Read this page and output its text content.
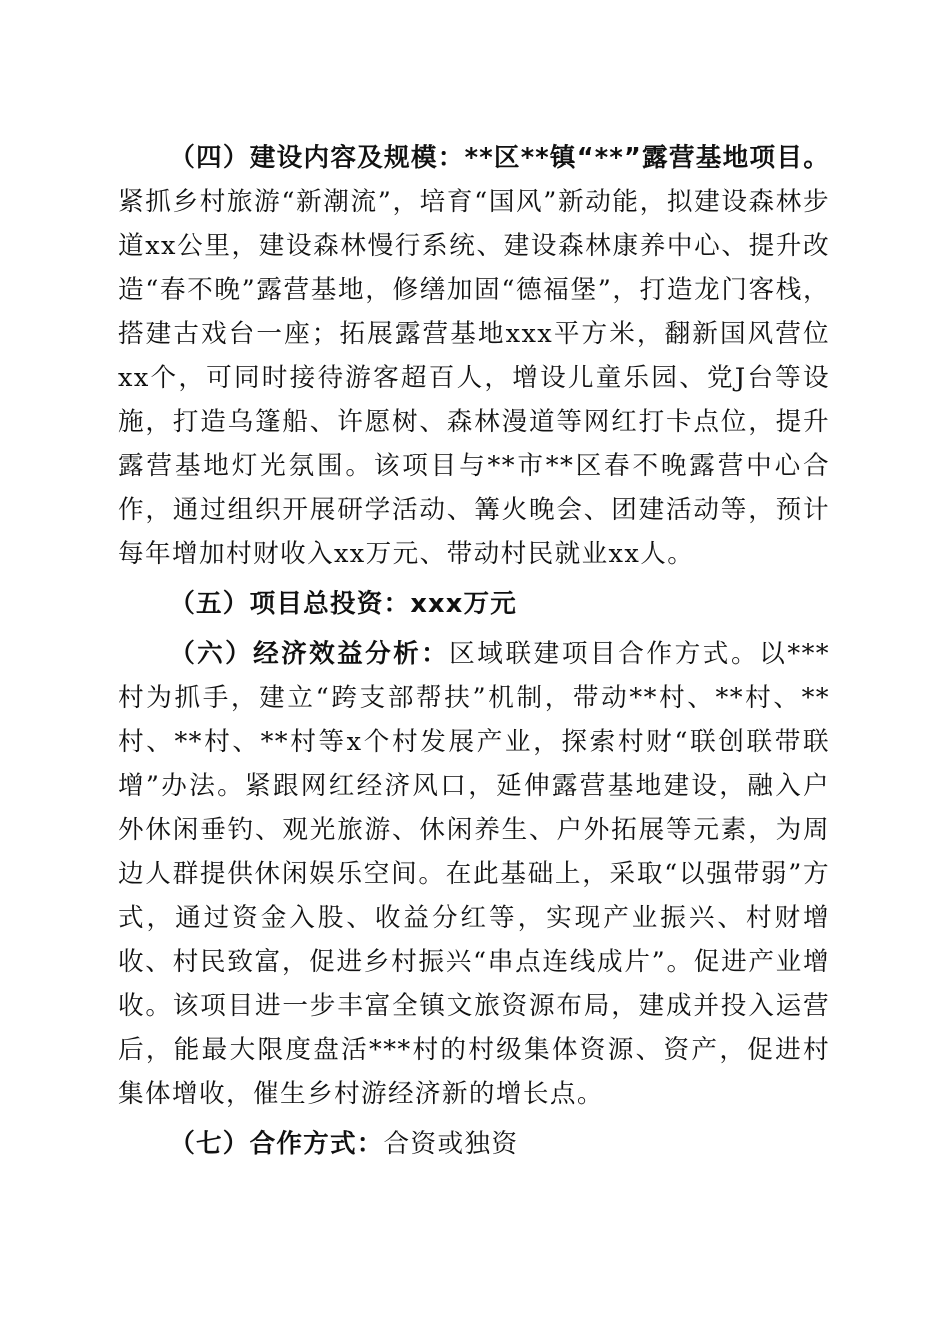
（四）建设内容及规模：**区**镇“**”露营基地项目。紧抓乡村旅游“新潮流”，培育“国风”新动能，拟建设森林步道xx公里，建设森林慢行系统、建设森林康养中心、提升改造“春不晚”露营基地，修缮加固“德福堡”，打造龙门客栈，搭建古戏台一座；拓展露营基地xxx平方米，翻新国风营位xx个，可同时接待游客超百人，增设儿童乐园、党J台等设施，打造乌篷船、许愿树、森林漫道等网红打卡点位，提升露营基地灯光氛围。该项目与**市**区春不晚露营中心合作，通过组织开展研学活动、篝火晚会、团建活动等，预计每年增加村财收入xx万元、带动村民就业xx人。

（五）项目总投资：xxx万元

（六）经济效益分析：区域联建项目合作方式。以***村为抓手，建立“跨支部帮扶”机制，带动**村、**村、**村、**村、**村等x个村发展产业，探索村财“联创联带联增”办法。紧跟网红经济风口，延伸露营基地建设，融入户外休闲垂钓、观光旅游、休闲养生、户外拓展等元素，为周边人群提供休闲娱乐空间。在此基础上，采取“以强带弱”方式，通过资金入股、收益分红等，实现产业振兴、村财增收、村民致富，促进乡村振兴“串点连线成片”。促进产业增收。该项目进一步丰富全镇文旅资源布局，建成并投入运营后，能最大限度盘活***村的村级集体资源、资产，促进村集体增收，催生乡村游经济新的增长点。

（七）合作方式：合资或独资
